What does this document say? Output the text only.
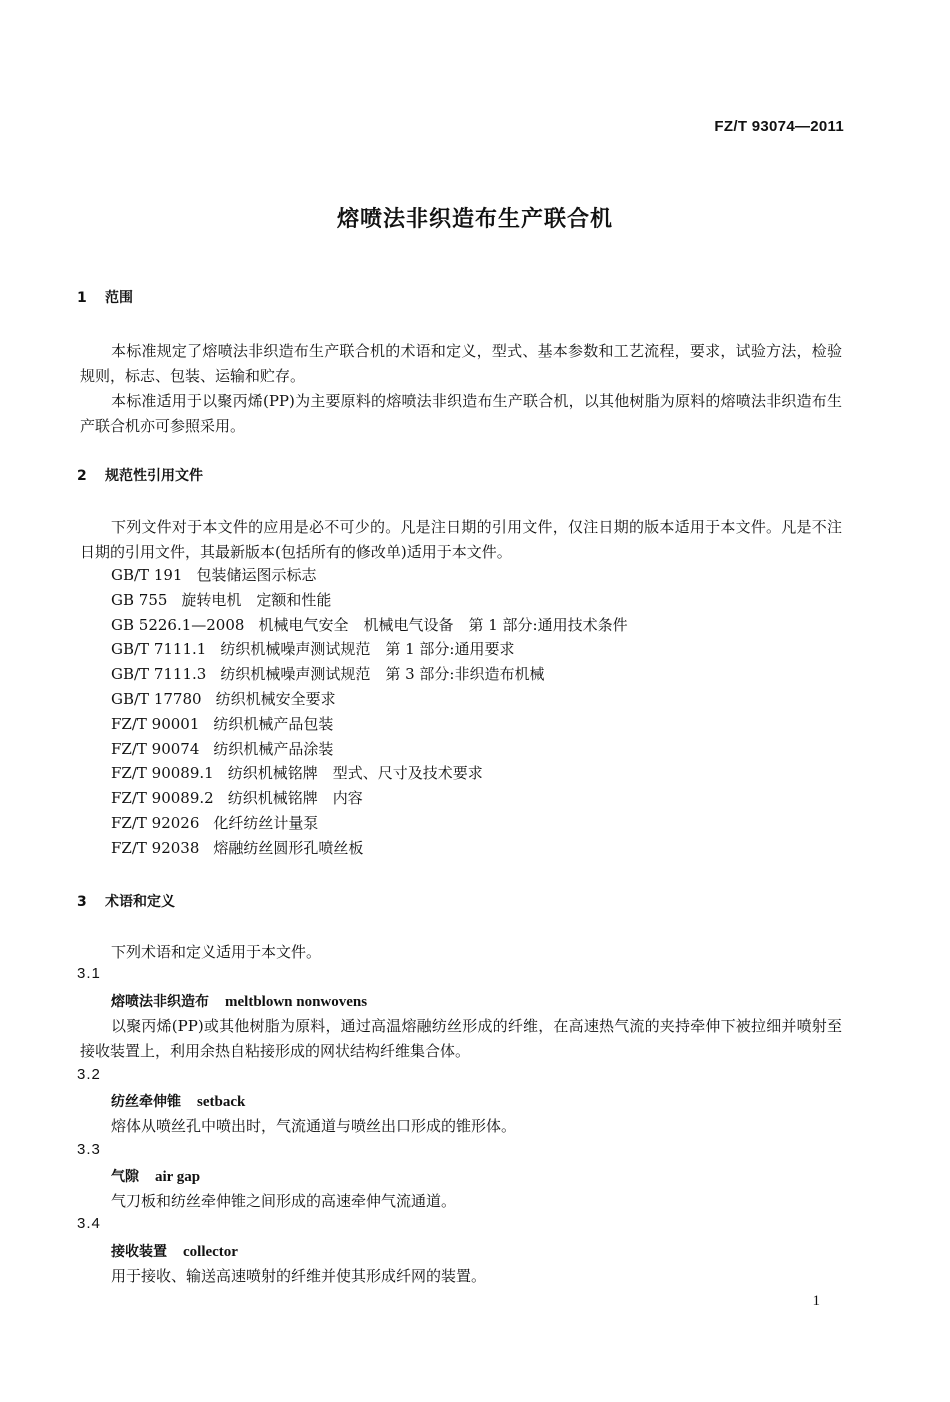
FZ/T 93074—2011
熔喷法非织造布生产联合机
1 范围
本标准规定了熔喷法非织造布生产联合机的术语和定义，型式、基本参数和工艺流程，要求，试验方法，检验规则，标志、包装、运输和贮存。
本标准适用于以聚丙烯(PP)为主要原料的熔喷法非织造布生产联合机，以其他树脂为原料的熔喷法非织造布生产联合机亦可参照采用。
2 规范性引用文件
下列文件对于本文件的应用是必不可少的。凡是注日期的引用文件，仅注日期的版本适用于本文件。凡是不注日期的引用文件，其最新版本(包括所有的修改单)适用于本文件。
GB/T 191 包装储运图示标志
GB 755 旋转电机　定额和性能
GB 5226.1—2008 机械电气安全　机械电气设备　第 1 部分:通用技术条件
GB/T 7111.1 纺织机械噪声测试规范　第 1 部分:通用要求
GB/T 7111.3 纺织机械噪声测试规范　第 3 部分:非织造布机械
GB/T 17780 纺织机械安全要求
FZ/T 90001 纺织机械产品包装
FZ/T 90074 纺织机械产品涂装
FZ/T 90089.1 纺织机械铭牌　型式、尺寸及技术要求
FZ/T 90089.2 纺织机械铭牌　内容
FZ/T 92026 化纤纺丝计量泵
FZ/T 92038 熔融纺丝圆形孔喷丝板
3 术语和定义
下列术语和定义适用于本文件。
3.1
熔喷法非织造布 meltblown nonwovens
以聚丙烯(PP)或其他树脂为原料，通过高温熔融纺丝形成的纤维，在高速热气流的夹持牵伸下被拉细并喷射至接收装置上，利用余热自粘接形成的网状结构纤维集合体。
3.2
纺丝牵伸锥 setback
熔体从喷丝孔中喷出时，气流通道与喷丝出口形成的锥形体。
3.3
气隙 air gap
气刀板和纺丝牵伸锥之间形成的高速牵伸气流通道。
3.4
接收装置 collector
用于接收、输送高速喷射的纤维并使其形成纤网的装置。
1
